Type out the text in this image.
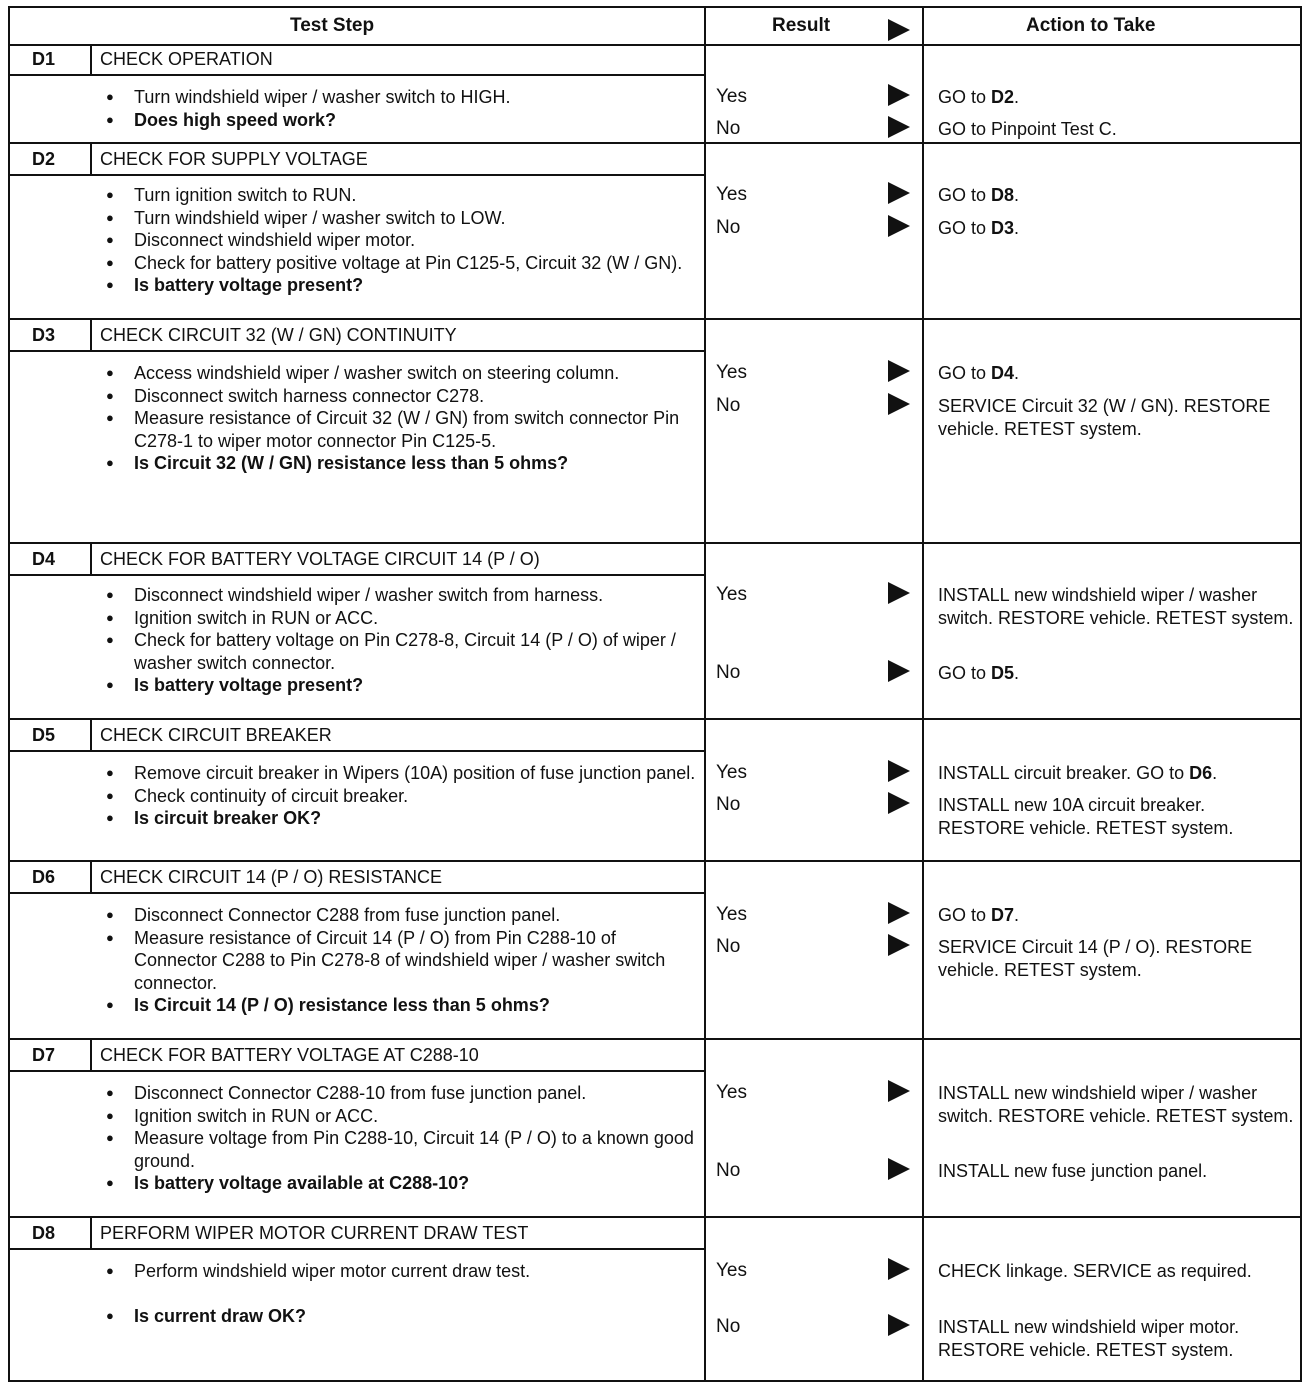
Test Step	Result	Action to Take
D1	CHECK OPERATION
● Turn windshield wiper / washer switch to HIGH.
● Does high speed work?
Yes	GO to D2.
No	GO to Pinpoint Test C.
D2	CHECK FOR SUPPLY VOLTAGE
● Turn ignition switch to RUN.
● Turn windshield wiper / washer switch to LOW.
● Disconnect windshield wiper motor.
● Check for battery positive voltage at Pin C125-5, Circuit 32 (W / GN).
● Is battery voltage present?
Yes	GO to D8.
No	GO to D3.
D3	CHECK CIRCUIT 32 (W / GN) CONTINUITY
● Access windshield wiper / washer switch on steering column.
● Disconnect switch harness connector C278.
● Measure resistance of Circuit 32 (W / GN) from switch connector Pin C278-1 to wiper motor connector Pin C125-5.
● Is Circuit 32 (W / GN) resistance less than 5 ohms?
Yes	GO to D4.
No	SERVICE Circuit 32 (W / GN). RESTORE vehicle. RETEST system.
D4	CHECK FOR BATTERY VOLTAGE CIRCUIT 14 (P / O)
● Disconnect windshield wiper / washer switch from harness.
● Ignition switch in RUN or ACC.
● Check for battery voltage on Pin C278-8, Circuit 14 (P / O) of wiper / washer switch connector.
● Is battery voltage present?
Yes	INSTALL new windshield wiper / washer switch. RESTORE vehicle. RETEST system.
No	GO to D5.
D5	CHECK CIRCUIT BREAKER
● Remove circuit breaker in Wipers (10A) position of fuse junction panel.
● Check continuity of circuit breaker.
● Is circuit breaker OK?
Yes	INSTALL circuit breaker. GO to D6.
No	INSTALL new 10A circuit breaker. RESTORE vehicle. RETEST system.
D6	CHECK CIRCUIT 14 (P / O) RESISTANCE
● Disconnect Connector C288 from fuse junction panel.
● Measure resistance of Circuit 14 (P / O) from Pin C288-10 of Connector C288 to Pin C278-8 of windshield wiper / washer switch connector.
● Is Circuit 14 (P / O) resistance less than 5 ohms?
Yes	GO to D7.
No	SERVICE Circuit 14 (P / O). RESTORE vehicle. RETEST system.
D7	CHECK FOR BATTERY VOLTAGE AT C288-10
● Disconnect Connector C288-10 from fuse junction panel.
● Ignition switch in RUN or ACC.
● Measure voltage from Pin C288-10, Circuit 14 (P / O) to a known good ground.
● Is battery voltage available at C288-10?
Yes	INSTALL new windshield wiper / washer switch. RESTORE vehicle. RETEST system.
No	INSTALL new fuse junction panel.
D8	PERFORM WIPER MOTOR CURRENT DRAW TEST
● Perform windshield wiper motor current draw test.
● Is current draw OK?
Yes	CHECK linkage. SERVICE as required.
No	INSTALL new windshield wiper motor. RESTORE vehicle. RETEST system.
